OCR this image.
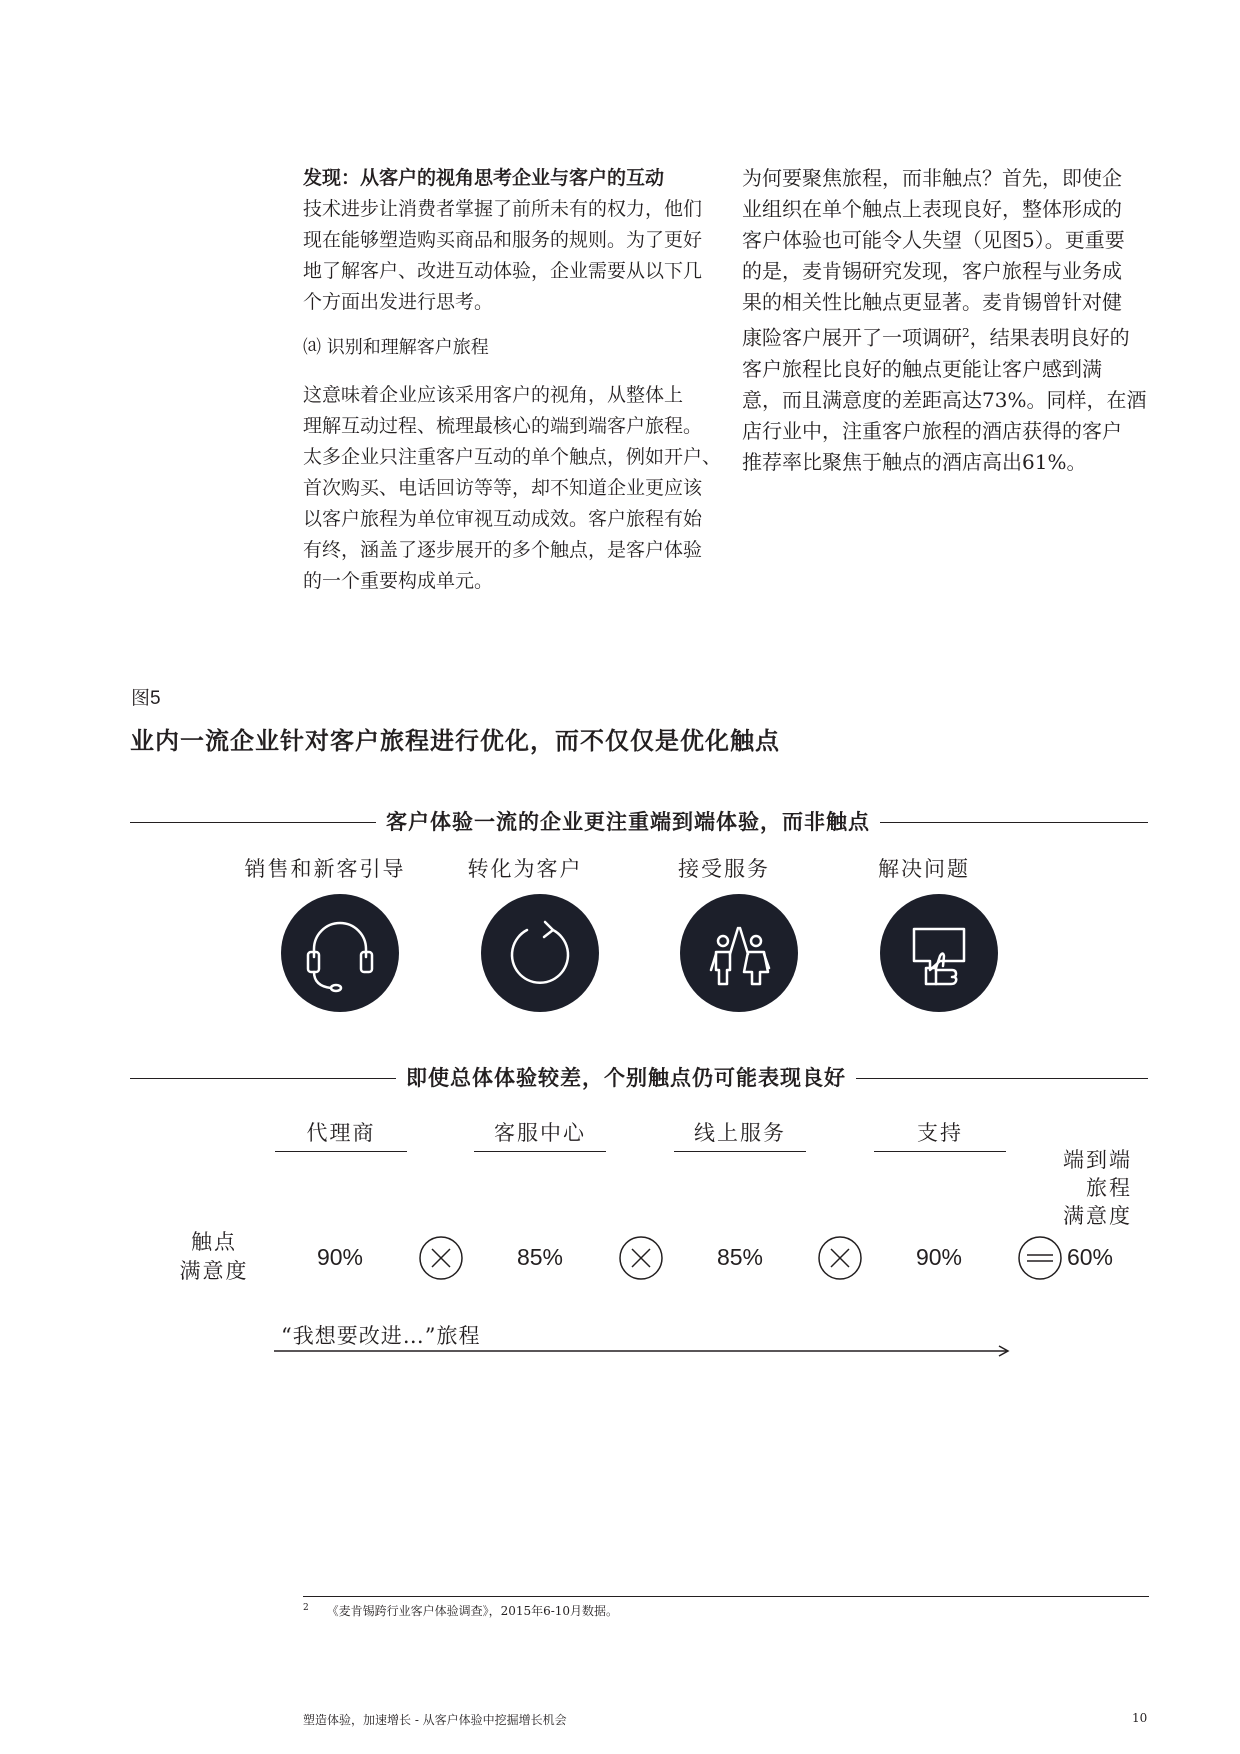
发现：从客户的视角思考企业与客户的互动

技术进步让消费者掌握了前所未有的权力，他们

现在能够塑造购买商品和服务的规则。为了更好

地了解客户、改进互动体验，企业需要从以下几

个方面出发进行思考。

⒜ 识别和理解客户旅程

这意味着企业应该采用客户的视角，从整体上

理解互动过程、梳理最核心的端到端客户旅程。

太多企业只注重客户互动的单个触点，例如开户、

首次购买、电话回访等等，却不知道企业更应该

以客户旅程为单位审视互动成效。客户旅程有始

有终，涵盖了逐步展开的多个触点，是客户体验

的一个重要构成单元。

为何要聚焦旅程，而非触点？首先，即使企

业组织在单个触点上表现良好，整体形成的

客户体验也可能令人失望（见图5）。更重要

的是，麦肯锡研究发现，客户旅程与业务成

果的相关性比触点更显著。麦肯锡曾针对健

康险客户展开了一项调研$^2$，结果表明良好的

客户旅程比良好的触点更能让客户感到满

意，而且满意度的差距高达73%。同样，在酒

店行业中，注重客户旅程的酒店获得的客户

推荐率比聚焦于触点的酒店高出61%。

图5
业内一流企业针对客户旅程进行优化，而不仅仅是优化触点
客户体验一流的企业更注重端到端体验，而非触点
销售和新客引导	转化为客户	接受服务	解决问题
即使总体体验较差，个别触点仍可能表现良好
代理商	客服中心	线上服务	支持
端到端
旅程
满意度
触点
满意度
90%	85%	85%	90%	60%
“我想要改进…”旅程
$^2$ 《麦肯锡跨行业客户体验调查》，2015年6-10月数据。
塑造体验，加速增长 - 从客户体验中挖掘增长机会	10
